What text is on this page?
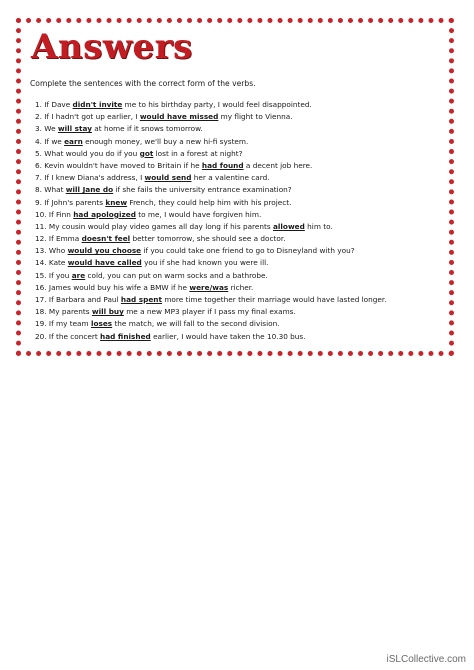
Answers

Complete the sentences with the correct form of the verbs.

1. If Dave didn't invite me to his birthday party, I would feel disappointed.
2. If I hadn't got up earlier, I would have missed my flight to Vienna.
3. We will stay at home if it snows tomorrow.
4. If we earn enough money, we'll buy a new hi-fi system.
5. What would you do if you got lost in a forest at night?
6. Kevin wouldn't have moved to Britain if he had found a decent job here.
7. If I knew Diana's address, I would send her a valentine card.
8. What will Jane do if she fails the university entrance examination?
9. If John's parents knew French, they could help him with his project.
10. If Finn had apologized to me, I would have forgiven him.
11. My cousin would play video games all day long if his parents allowed him to.
12. If Emma doesn't feel better tomorrow, she should see a doctor.
13. Who would you choose if you could take one friend to go to Disneyland with you?
14. Kate would have called you if she had known you were ill.
15. If you are cold, you can put on warm socks and a bathrobe.
16. James would buy his wife a BMW if he were/was richer.
17. If Barbara and Paul had spent more time together their marriage would have lasted longer.
18. My parents will buy me a new MP3 player if I pass my final exams.
19. If my team loses the match, we will fall to the second division.
20. If the concert had finished earlier, I would have taken the 10.30 bus.
iSLCollective.com
